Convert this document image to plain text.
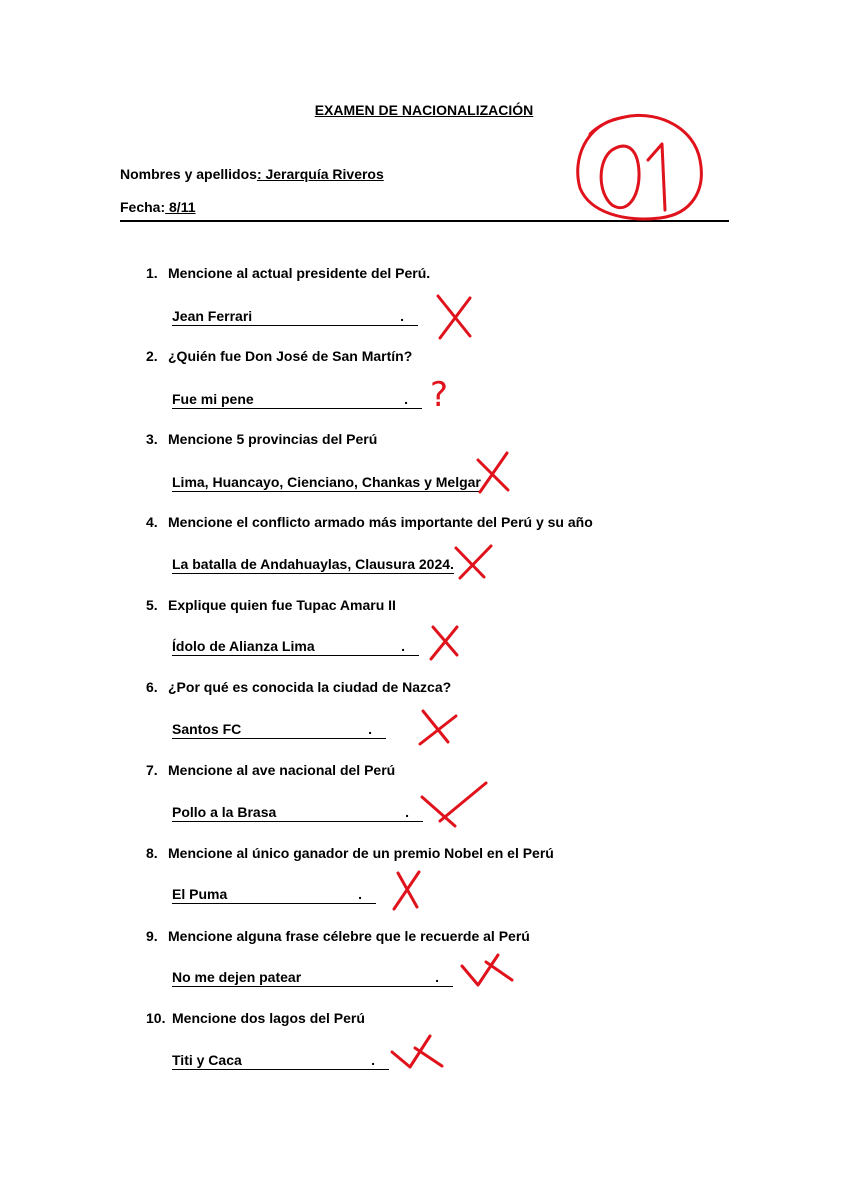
EXAMEN DE NACIONALIZACIÓN
Nombres y apellidos: Jerarquía Riveros
Fecha: 8/11
1. Mencione al actual presidente del Perú.
Jean Ferrari	.
2. ¿Quién fue Don José de San Martín?
Fue mi pene	.
3. Mencione 5 provincias del Perú
Lima, Huancayo, Cienciano, Chankas y Melgar
4. Mencione el conflicto armado más importante del Perú y su año
La batalla de Andahuaylas, Clausura 2024.
5. Explique quien fue Tupac Amaru II
Ídolo de Alianza Lima	.
6. ¿Por qué es conocida la ciudad de Nazca?
Santos FC	.
7. Mencione al ave nacional del Perú
Pollo a la Brasa	.
8. Mencione al único ganador de un premio Nobel en el Perú
El Puma	.
9. Mencione alguna frase célebre que le recuerde al Perú
No me dejen patear	.
10. Mencione dos lagos del Perú
Titi y Caca	.
?
